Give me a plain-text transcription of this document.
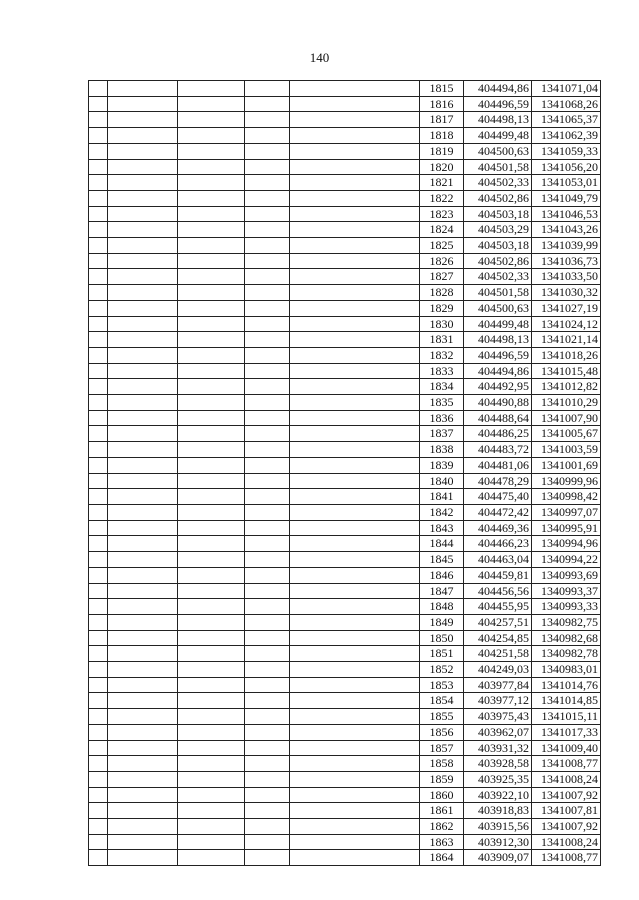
140
					1815	404494,86	1341071,04
					1816	404496,59	1341068,26
					1817	404498,13	1341065,37
					1818	404499,48	1341062,39
					1819	404500,63	1341059,33
					1820	404501,58	1341056,20
					1821	404502,33	1341053,01
					1822	404502,86	1341049,79
					1823	404503,18	1341046,53
					1824	404503,29	1341043,26
					1825	404503,18	1341039,99
					1826	404502,86	1341036,73
					1827	404502,33	1341033,50
					1828	404501,58	1341030,32
					1829	404500,63	1341027,19
					1830	404499,48	1341024,12
					1831	404498,13	1341021,14
					1832	404496,59	1341018,26
					1833	404494,86	1341015,48
					1834	404492,95	1341012,82
					1835	404490,88	1341010,29
					1836	404488,64	1341007,90
					1837	404486,25	1341005,67
					1838	404483,72	1341003,59
					1839	404481,06	1341001,69
					1840	404478,29	1340999,96
					1841	404475,40	1340998,42
					1842	404472,42	1340997,07
					1843	404469,36	1340995,91
					1844	404466,23	1340994,96
					1845	404463,04	1340994,22
					1846	404459,81	1340993,69
					1847	404456,56	1340993,37
					1848	404455,95	1340993,33
					1849	404257,51	1340982,75
					1850	404254,85	1340982,68
					1851	404251,58	1340982,78
					1852	404249,03	1340983,01
					1853	403977,84	1341014,76
					1854	403977,12	1341014,85
					1855	403975,43	1341015,11
					1856	403962,07	1341017,33
					1857	403931,32	1341009,40
					1858	403928,58	1341008,77
					1859	403925,35	1341008,24
					1860	403922,10	1341007,92
					1861	403918,83	1341007,81
					1862	403915,56	1341007,92
					1863	403912,30	1341008,24
					1864	403909,07	1341008,77
